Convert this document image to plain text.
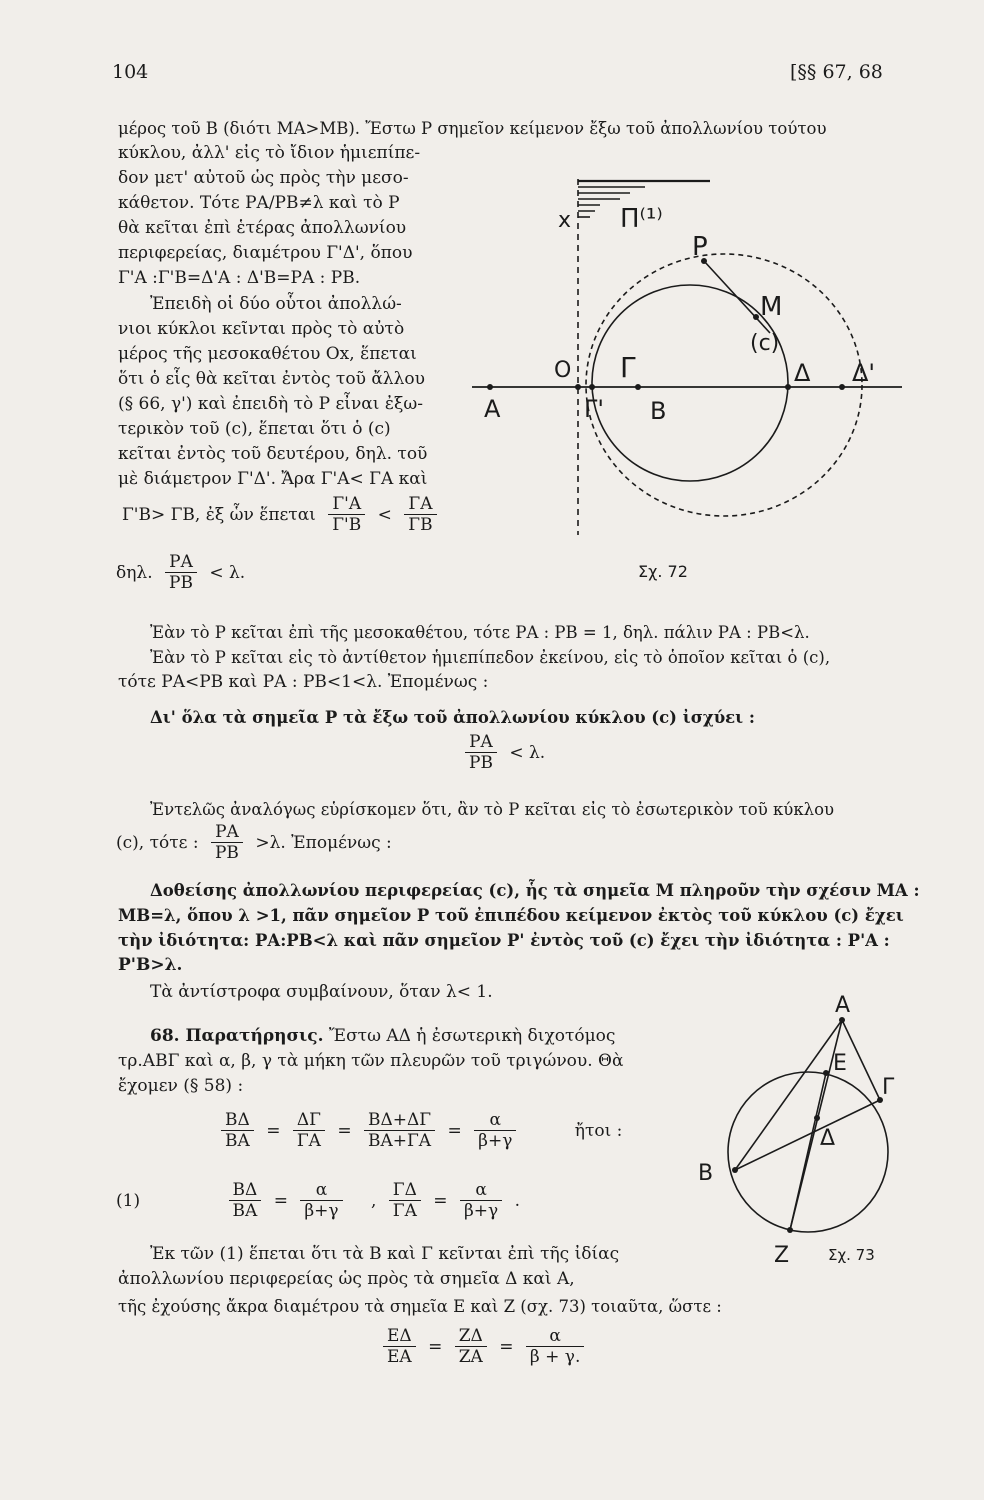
104	[§§ 67, 68
μέρος τοῦ Β (διότι ΜΑ>ΜΒ). Ἔστω Ρ σημεῖον κείμενον ἔξω τοῦ ἀπολλωνίου τούτου
κύκλου, ἀλλ' εἰς τὸ ἴδιον ἡμιεπίπε-
δον μετ' αὐτοῦ ὡς πρὸς τὴν μεσο-
κάθετον. Τότε ΡΑ/ΡΒ≠λ καὶ τὸ Ρ
θὰ κεῖται ἐπὶ ἑτέρας ἀπολλωνίου
περιφερείας, διαμέτρου Γ'Δ', ὅπου
Γ'Α :Γ'Β=Δ'Α : Δ'Β=ΡΑ : ΡΒ.
Ἐπειδὴ οἱ δύο οὗτοι ἀπολλώ-
νιοι κύκλοι κεῖνται πρὸς τὸ αὐτὸ
μέρος τῆς μεσοκαθέτου Οx, ἕπεται
ὅτι ὁ εἷς θὰ κεῖται ἐντὸς τοῦ ἄλλου
(§ 66, γ') καὶ ἐπειδὴ τὸ Ρ εἶναι ἐξω-
τερικὸν τοῦ (c), ἕπεται ὅτι ὁ (c)
κεῖται ἐντὸς τοῦ δευτέρου, δηλ. τοῦ
μὲ διάμετρον Γ'Δ'. Ἄρα Γ'Α< ΓΑ καὶ
Γ'Β> ΓΒ, ἐξ ὧν ἕπεται $\frac{\Gamma'A}{\Gamma'B} < \frac{\Gamma A}{\Gamma B}$
δηλ. $\frac{PA}{PB} < \lambda$.
x Π⁽¹⁾
P
M
(c)
O Γ	Δ Δ'
A	Γ' B
Σχ. 72
Ἐὰν τὸ Ρ κεῖται ἐπὶ τῆς μεσοκαθέτου, τότε ΡΑ : ΡΒ = 1, δηλ. πάλιν ΡΑ : ΡΒ<λ.
Ἐὰν τὸ Ρ κεῖται εἰς τὸ ἀντίθετον ἡμιεπίπεδον ἐκείνου, εἰς τὸ ὁποῖον κεῖται ὁ (c),
τότε ΡΑ<ΡΒ καὶ ΡΑ : ΡΒ<1<λ. Ἐπομένως :
Δι' ὅλα τὰ σημεῖα Ρ τὰ ἔξω τοῦ ἀπολλωνίου κύκλου (c) ἰσχύει :
$\frac{PA}{PB} < \lambda$.
Ἐντελῶς ἀναλόγως εὑρίσκομεν ὅτι, ἂν τὸ Ρ κεῖται εἰς τὸ ἐσωτερικὸν τοῦ κύκλου
(c), τότε : $\frac{PA}{PB} >\lambda$. Ἐπομένως :
Δοθείσης ἀπολλωνίου περιφερείας (c), ἧς τὰ σημεῖα Μ πληροῦν τὴν σχέσιν ΜΑ :
ΜΒ=λ, ὅπου λ >1, πᾶν σημεῖον Ρ τοῦ ἐπιπέδου κείμενον ἐκτὸς τοῦ κύκλου (c) ἔχει
τὴν ἰδιότητα: ΡΑ:ΡΒ<λ καὶ πᾶν σημεῖον Ρ' ἐντὸς τοῦ (c) ἔχει τὴν ἰδιότητα : Ρ'Α :
Ρ'Β>λ.
Τὰ ἀντίστροφα συμβαίνουν, ὅταν λ< 1.
68. Παρατήρησις. Ἔστω ΑΔ ἡ ἐσωτερικὴ διχοτόμος
τρ.ΑΒΓ καὶ α, β, γ τὰ μήκη τῶν πλευρῶν τοῦ τριγώνου. Θὰ
ἔχομεν (§ 58) :
$\frac{B\Delta}{BA} = \frac{\Delta\Gamma}{\Gamma A} = \frac{B\Delta+\Delta\Gamma}{BA+\Gamma A} = \frac{\alpha}{\beta+\gamma}$	ἤτοι :
(1)	$\frac{B\Delta}{BA} = \frac{\alpha}{\beta+\gamma}$ , $\frac{\Gamma\Delta}{\Gamma A} = \frac{\alpha}{\beta+\gamma}$ .
Ἐκ τῶν (1) ἕπεται ὅτι τὰ Β καὶ Γ κεῖνται ἐπὶ τῆς ἰδίας
ἀπολλωνίου περιφερείας ὡς πρὸς τὰ σημεῖα Δ καὶ Α,
τῆς ἐχούσης ἄκρα διαμέτρου τὰ σημεῖα Ε καὶ Ζ (σχ. 73) τοιαῦτα, ὥστε :
$\frac{E\Delta}{EA} = \frac{Z\Delta}{ZA} = \frac{\alpha}{\beta + \gamma.}$
A
E
Γ
Δ
B
Z	Σχ. 73
